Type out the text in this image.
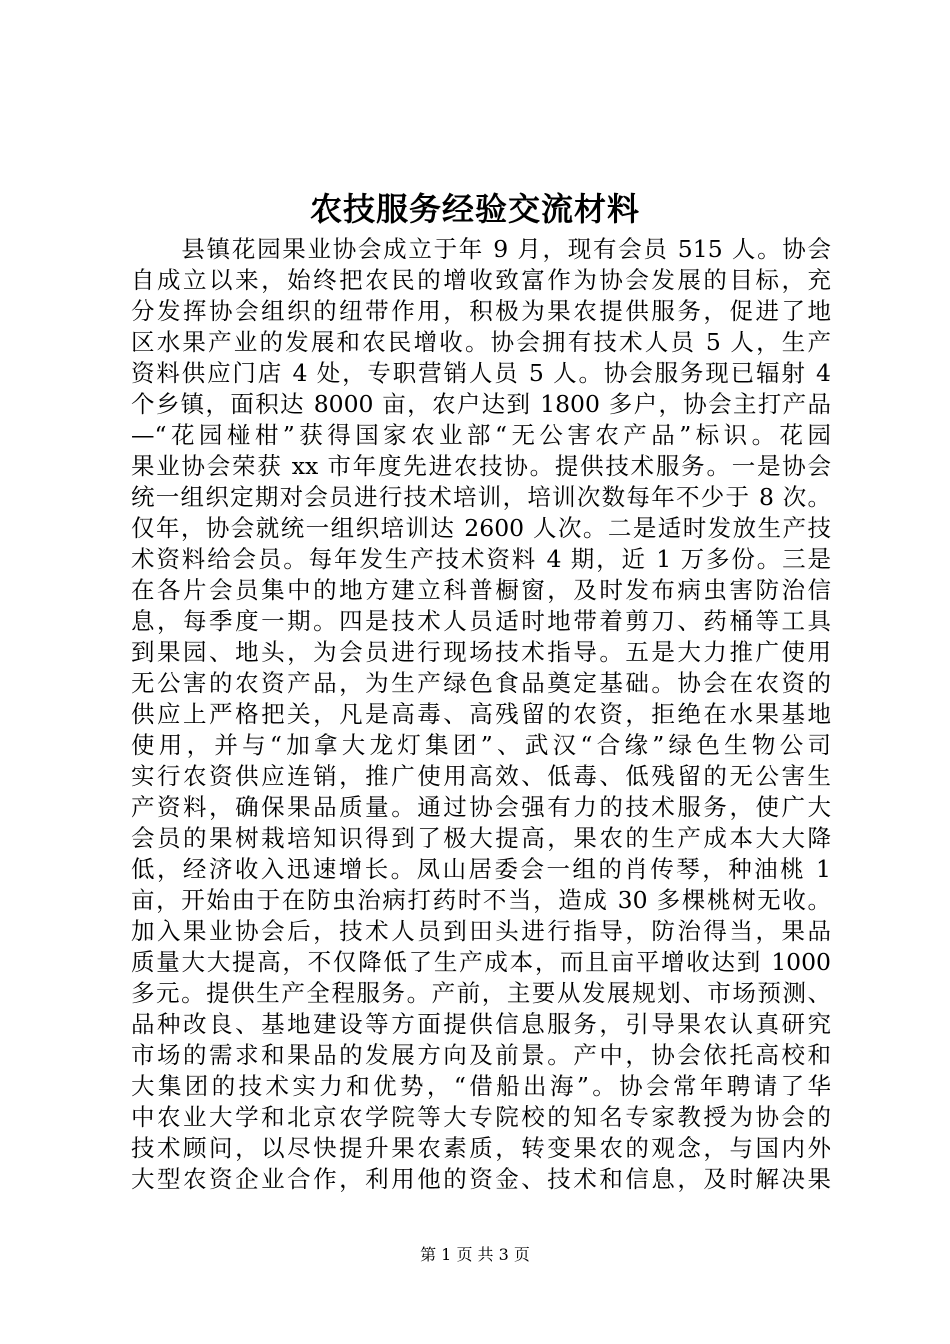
农技服务经验交流材料
　　县镇花园果业协会成立于年 9 月，现有会员 515 人。协会
自成立以来，始终把农民的增收致富作为协会发展的目标，充
分发挥协会组织的纽带作用，积极为果农提供服务，促进了地
区水果产业的发展和农民增收。协会拥有技术人员 5 人，生产
资料供应门店 4 处，专职营销人员 5 人。协会服务现已辐射 4
个乡镇，面积达 8000 亩，农户达到 1800 多户，协会主打产品
—“花园椪柑”获得国家农业部“无公害农产品”标识。花园
果业协会荣获 xx 市年度先进农技协。提供技术服务。一是协会
统一组织定期对会员进行技术培训，培训次数每年不少于 8 次。
仅年，协会就统一组织培训达 2600 人次。二是适时发放生产技
术资料给会员。每年发生产技术资料 4 期，近 1 万多份。三是
在各片会员集中的地方建立科普橱窗，及时发布病虫害防治信
息，每季度一期。四是技术人员适时地带着剪刀、药桶等工具
到果园、地头，为会员进行现场技术指导。五是大力推广使用
无公害的农资产品，为生产绿色食品奠定基础。协会在农资的
供应上严格把关，凡是高毒、高残留的农资，拒绝在水果基地
使用，并与“加拿大龙灯集团”、武汉“合缘”绿色生物公司
实行农资供应连销，推广使用高效、低毒、低残留的无公害生
产资料，确保果品质量。通过协会强有力的技术服务，使广大
会员的果树栽培知识得到了极大提高，果农的生产成本大大降
低，经济收入迅速增长。凤山居委会一组的肖传琴，种油桃 1
亩，开始由于在防虫治病打药时不当，造成 30 多棵桃树无收。
加入果业协会后，技术人员到田头进行指导，防治得当，果品
质量大大提高，不仅降低了生产成本，而且亩平增收达到 1000
多元。提供生产全程服务。产前，主要从发展规划、市场预测、
品种改良、基地建设等方面提供信息服务，引导果农认真研究
市场的需求和果品的发展方向及前景。产中，协会依托高校和
大集团的技术实力和优势，“借船出海”。协会常年聘请了华
中农业大学和北京农学院等大专院校的知名专家教授为协会的
技术顾问，以尽快提升果农素质，转变果农的观念，与国内外
大型农资企业合作，利用他的资金、技术和信息，及时解决果
第 1 页 共 3 页
